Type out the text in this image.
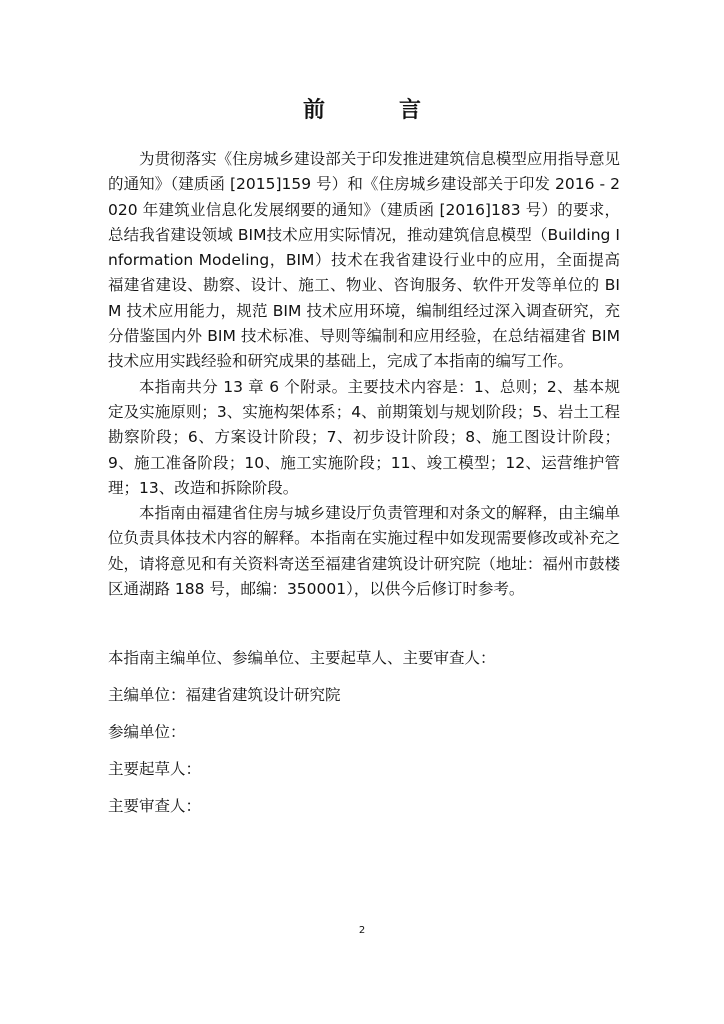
前　言

为贯彻落实《住房城乡建设部关于印发推进建筑信息模型应用指导意见的通知》（建质函 [2015]159 号）和《住房城乡建设部关于印发 2016 - 2020 年建筑业信息化发展纲要的通知》（建质函 [2016]183 号）的要求，总结我省建设领域 BIM技术应用实际情况，推动建筑信息模型（Building Information Modeling，BIM）技术在我省建设行业中的应用，全面提高福建省建设、勘察、设计、施工、物业、咨询服务、软件开发等单位的 BIM 技术应用能力，规范 BIM 技术应用环境，编制组经过深入调查研究，充分借鉴国内外 BIM 技术标准、导则等编制和应用经验，在总结福建省 BIM 技术应用实践经验和研究成果的基础上，完成了本指南的编写工作。

本指南共分 13 章 6 个附录。主要技术内容是：1、总则；2、基本规定及实施原则；3、实施构架体系；4、前期策划与规划阶段；5、岩土工程勘察阶段；6、方案设计阶段；7、初步设计阶段；8、施工图设计阶段；9、施工准备阶段；10、施工实施阶段；11、竣工模型；12、运营维护管理；13、改造和拆除阶段。

本指南由福建省住房与城乡建设厅负责管理和对条文的解释，由主编单位负责具体技术内容的解释。本指南在实施过程中如发现需要修改或补充之处，请将意见和有关资料寄送至福建省建筑设计研究院（地址：福州市鼓楼区通湖路 188 号，邮编：350001），以供今后修订时参考。

本指南主编单位、参编单位、主要起草人、主要审查人：
主编单位：福建省建筑设计研究院
参编单位：
主要起草人：
主要审查人：
2
